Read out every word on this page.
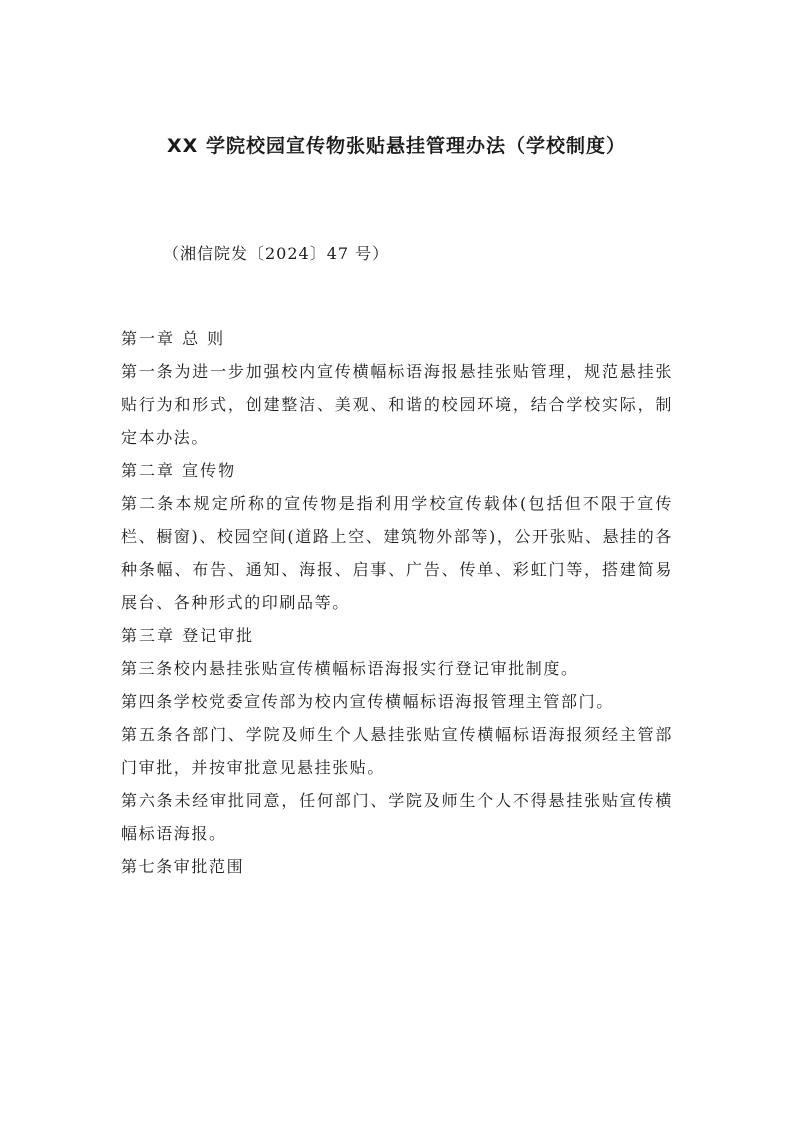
XX 学院校园宣传物张贴悬挂管理办法（学校制度）

（湘信院发〔2024〕47 号）

第一章 总 则

第一条为进一步加强校内宣传横幅标语海报悬挂张贴管理，规范悬挂张贴行为和形式，创建整洁、美观、和谐的校园环境，结合学校实际，制定本办法。

第二章 宣传物

第二条本规定所称的宣传物是指利用学校宣传载体(包括但不限于宣传栏、橱窗)、校园空间(道路上空、建筑物外部等)，公开张贴、悬挂的各种条幅、布告、通知、海报、启事、广告、传单、彩虹门等，搭建简易展台、各种形式的印刷品等。

第三章 登记审批

第三条校内悬挂张贴宣传横幅标语海报实行登记审批制度。

第四条学校党委宣传部为校内宣传横幅标语海报管理主管部门。

第五条各部门、学院及师生个人悬挂张贴宣传横幅标语海报须经主管部门审批，并按审批意见悬挂张贴。

第六条未经审批同意，任何部门、学院及师生个人不得悬挂张贴宣传横幅标语海报。

第七条审批范围
